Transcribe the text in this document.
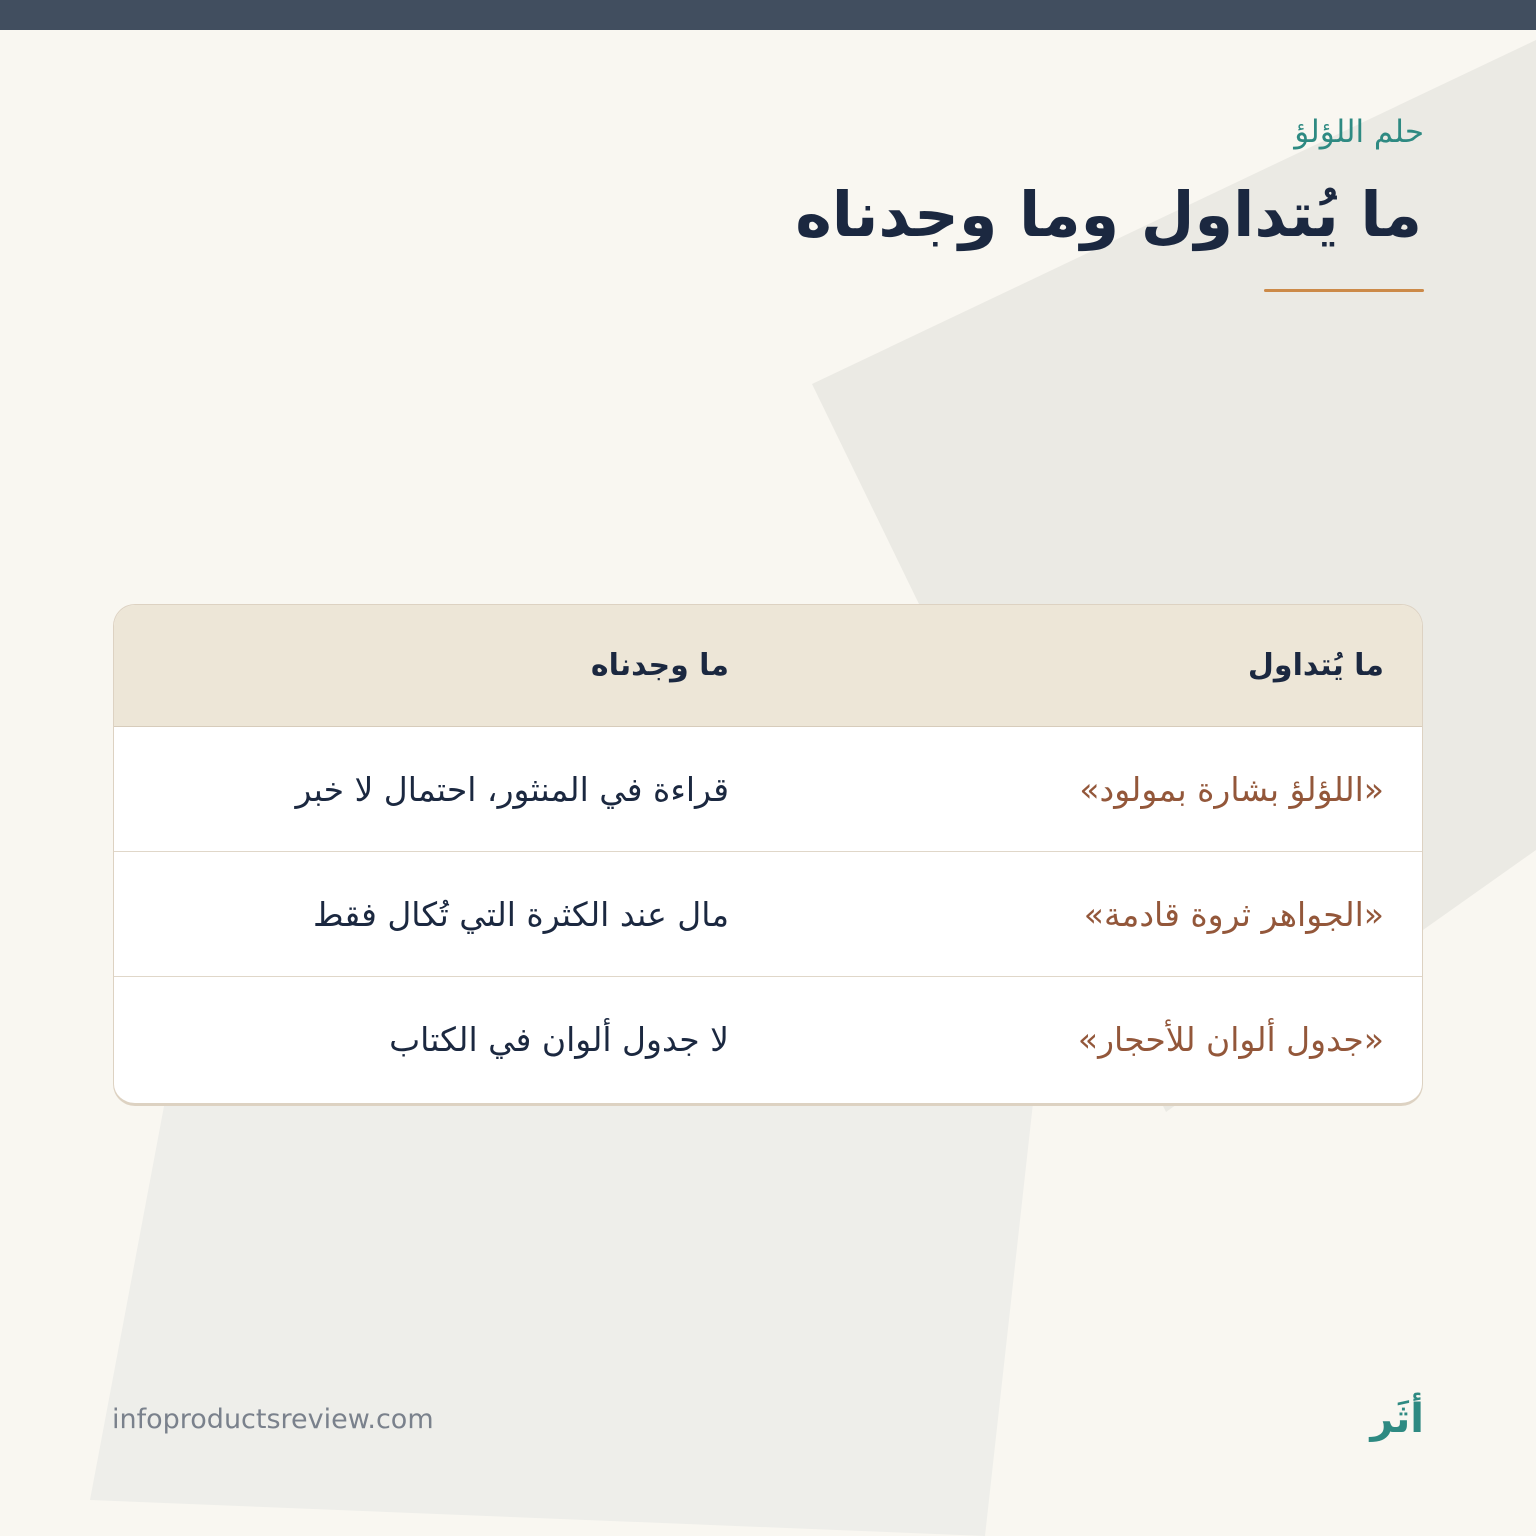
حلم اللؤلؤ

ما يُتداول وما وجدناه

ما يُتداول

ما وجدناه

«اللؤلؤ بشارة بمولود»

قراءة في المنثور، احتمال لا خبر

«الجواهر ثروة قادمة»

مال عند الكثرة التي تُكال فقط

«جدول ألوان للأحجار»

لا جدول ألوان في الكتاب

infoproductsreview.com	أثَر
